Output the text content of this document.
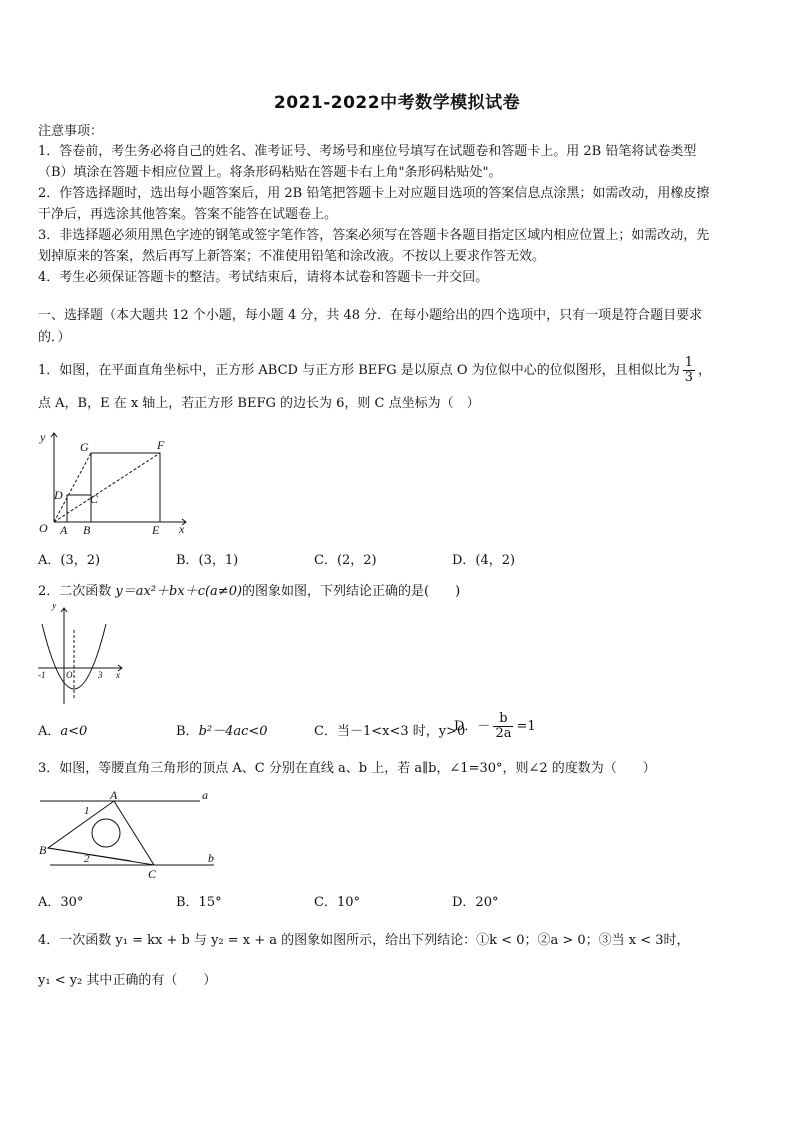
2021-2022中考数学模拟试卷
注意事项：
1．答卷前，考生务必将自己的姓名、准考证号、考场号和座位号填写在试题卷和答题卡上。用 2B 铅笔将试卷类型
（B）填涂在答题卡相应位置上。将条形码粘贴在答题卡右上角"条形码粘贴处"。
2．作答选择题时，选出每小题答案后，用 2B 铅笔把答题卡上对应题目选项的答案信息点涂黑；如需改动，用橡皮擦
干净后，再选涂其他答案。答案不能答在试题卷上。
3．非选择题必须用黑色字迹的钢笔或签字笔作答，答案必须写在答题卡各题目指定区域内相应位置上；如需改动，先
划掉原来的答案，然后再写上新答案；不准使用铅笔和涂改液。不按以上要求作答无效。
4．考生必须保证答题卡的整洁。考试结束后，请将本试卷和答题卡一并交回。
一、选择题（本大题共 12 个小题，每小题 4 分，共 48 分．在每小题给出的四个选项中，只有一项是符合题目要求
的．）
1．如图，在平面直角坐标中，正方形 ABCD 与正方形 BEFG 是以原点 O 为位似中心的位似图形，且相似比为 $\frac{1}{3}$ ，
点 A，B，E 在 x 轴上，若正方形 BEFG 的边长为 6，则 C 点坐标为（　）
y
x
O A B	E
D C
G	F
A．(3，2)	B．(3，1)	C．(2，2)	D．(4，2)
2．二次函数 y＝ax²＋bx＋c(a≠0)的图象如图，下列结论正确的是(　　)
y
x
-1 O	3
A．a<0	B．b²－4ac<0	C．当－1<x<3 时，y>0
D．－ $\frac{b}{2a} =1$
3．如图，等腰直角三角形的顶点 A、C 分别在直线 a、b 上，若 a∥b，∠1=30°，则∠2 的度数为（　　）
A
B
C
a
b
1
2
A．30°	B．15°	C．10°	D．20°
4．一次函数 y₁ = kx + b 与 y₂ = x + a 的图象如图所示，给出下列结论：①k < 0；②a > 0；③当 x < 3时，
y₁ < y₂ 其中正确的有（　　）
